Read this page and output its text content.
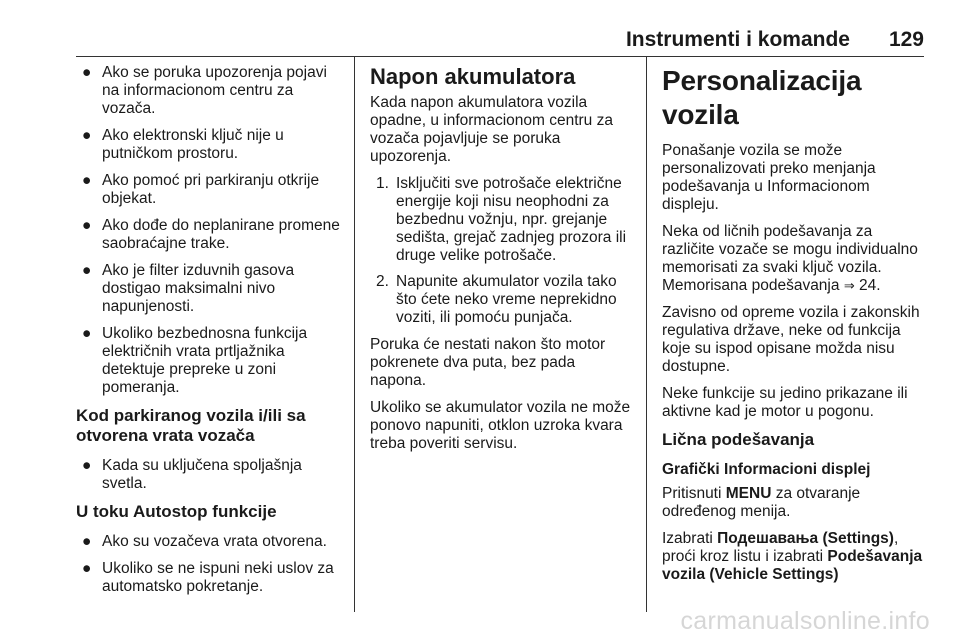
Instrumenti i komande 129
● Ako se poruka upozorenja pojavi na informacionom centru za vozača.
● Ako elektronski ključ nije u putničkom prostoru.
● Ako pomoć pri parkiranju otkrije objekat.
● Ako dođe do neplanirane promene saobraćajne trake.
● Ako je filter izduvnih gasova dostigao maksimalni nivo napunjenosti.
● Ukoliko bezbednosna funkcija električnih vrata prtljažnika detektuje prepreke u zoni pomeranja.
Kod parkiranog vozila i/ili sa otvorena vrata vozača
● Kada su uključena spoljašnja svetla.
U toku Autostop funkcije
● Ako su vozačeva vrata otvorena.
● Ukoliko se ne ispuni neki uslov za automatsko pokretanje.
Napon akumulatora

Kada napon akumulatora vozila opadne, u informacionom centru za vozača pojavljuje se poruka upozorenja.

1. Isključiti sve potrošače električne energije koji nisu neophodni za bezbednu vožnju, npr. grejanje sedišta, grejač zadnjeg prozora ili druge velike potrošače.
2. Napunite akumulator vozila tako što ćete neko vreme neprekidno voziti, ili pomoću punjača.

Poruka će nestati nakon što motor pokrenete dva puta, bez pada napona.

Ukoliko se akumulator vozila ne može ponovo napuniti, otklon uzroka kvara treba poveriti servisu.

Personalizacija vozila

Ponašanje vozila se može personalizovati preko menjanja podešavanja u Informacionom displeju.

Neka od ličnih podešavanja za različite vozače se mogu individualno memorisati za svaki ključ vozila. Memorisana podešavanja ⇒ 24.

Zavisno od opreme vozila i zakonskih regulativa države, neke od funkcija koje su ispod opisane možda nisu dostupne.

Neke funkcije su jedino prikazane ili aktivne kad je motor u pogonu.

Lična podešavanja
Grafički Informacioni displej

Pritisnuti MENU za otvaranje određenog menija.

Izabrati Подешавања (Settings), proći kroz listu i izabrati Podešavanja vozila (Vehicle Settings)

carmanualsonline.info
